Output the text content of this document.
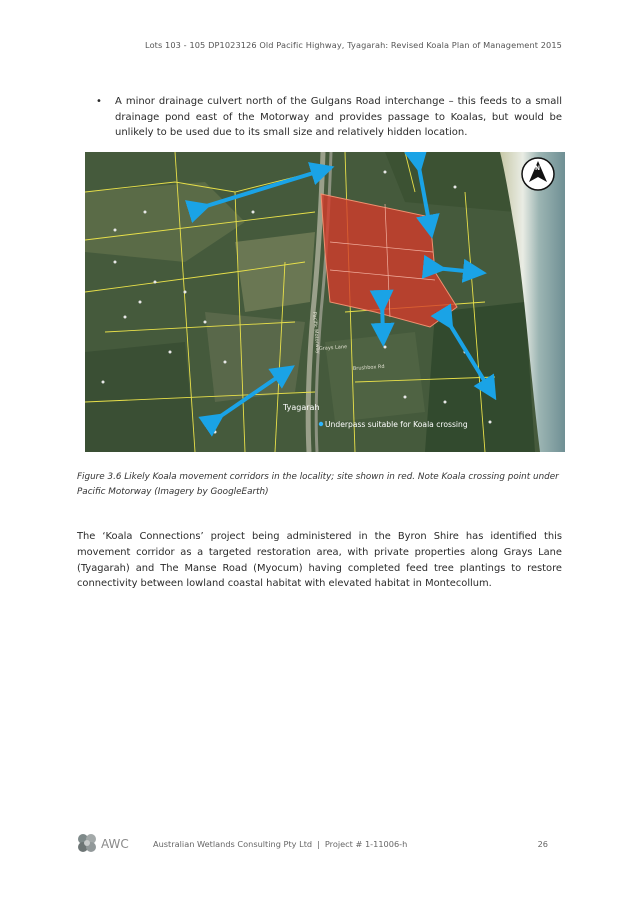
Lots 103 - 105 DP1023126 Old Pacific Highway, Tyagarah: Revised Koala Plan of Management 2015
• A minor drainage culvert north of the Gulgans Road interchange – this feeds to a small drainage pond east of the Motorway and provides passage to Koalas, but would be unlikely to be used due to its small size and relatively hidden location.
Tyagarah
Underpass suitable for Koala crossing
Pacific Motorway
Brushbox Rd
Grays Lane
N
Figure 3.6 Likely Koala movement corridors in the locality; site shown in red. Note Koala crossing point under Pacific Motorway (Imagery by GoogleEarth)
The ‘Koala Connections’ project being administered in the Byron Shire has identified this movement corridor as a targeted restoration area, with private properties along Grays Lane (Tyagarah) and The Manse Road (Myocum) having completed feed tree plantings to restore connectivity between lowland coastal habitat with elevated habitat in Montecollum.
AWC	Australian Wetlands Consulting Pty Ltd | Project # 1-11006-h	26
